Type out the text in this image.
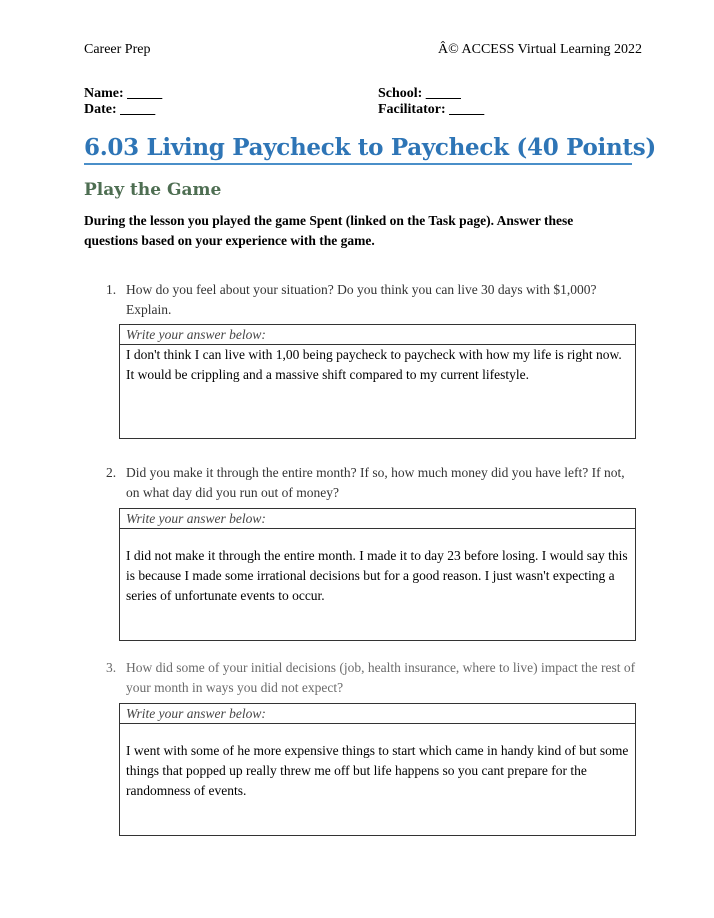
Career Prep	Â© ACCESS Virtual Learning 2022
Name: _____
Date: _____
School: _____
Facilitator: _____
6.03 Living Paycheck to Paycheck (40 Points)
Play the Game
During the lesson you played the game Spent (linked on the Task page). Answer these questions based on your experience with the game.
1. How do you feel about your situation? Do you think you can live 30 days with $1,000? Explain.
Write your answer below:
I don't think I can live with 1,00 being paycheck to paycheck with how my life is right now. It would be crippling and a massive shift compared to my current lifestyle.
2. Did you make it through the entire month? If so, how much money did you have left? If not, on what day did you run out of money?
Write your answer below:
I did not make it through the entire month. I made it to day 23 before losing. I would say this is because I made some irrational decisions but for a good reason. I just wasn't expecting a series of unfortunate events to occur.
3. How did some of your initial decisions (job, health insurance, where to live) impact the rest of your month in ways you did not expect?
Write your answer below:
I went with some of he more expensive things to start which came in handy kind of but some things that popped up really threw me off but life happens so you cant prepare for the randomness of events.
